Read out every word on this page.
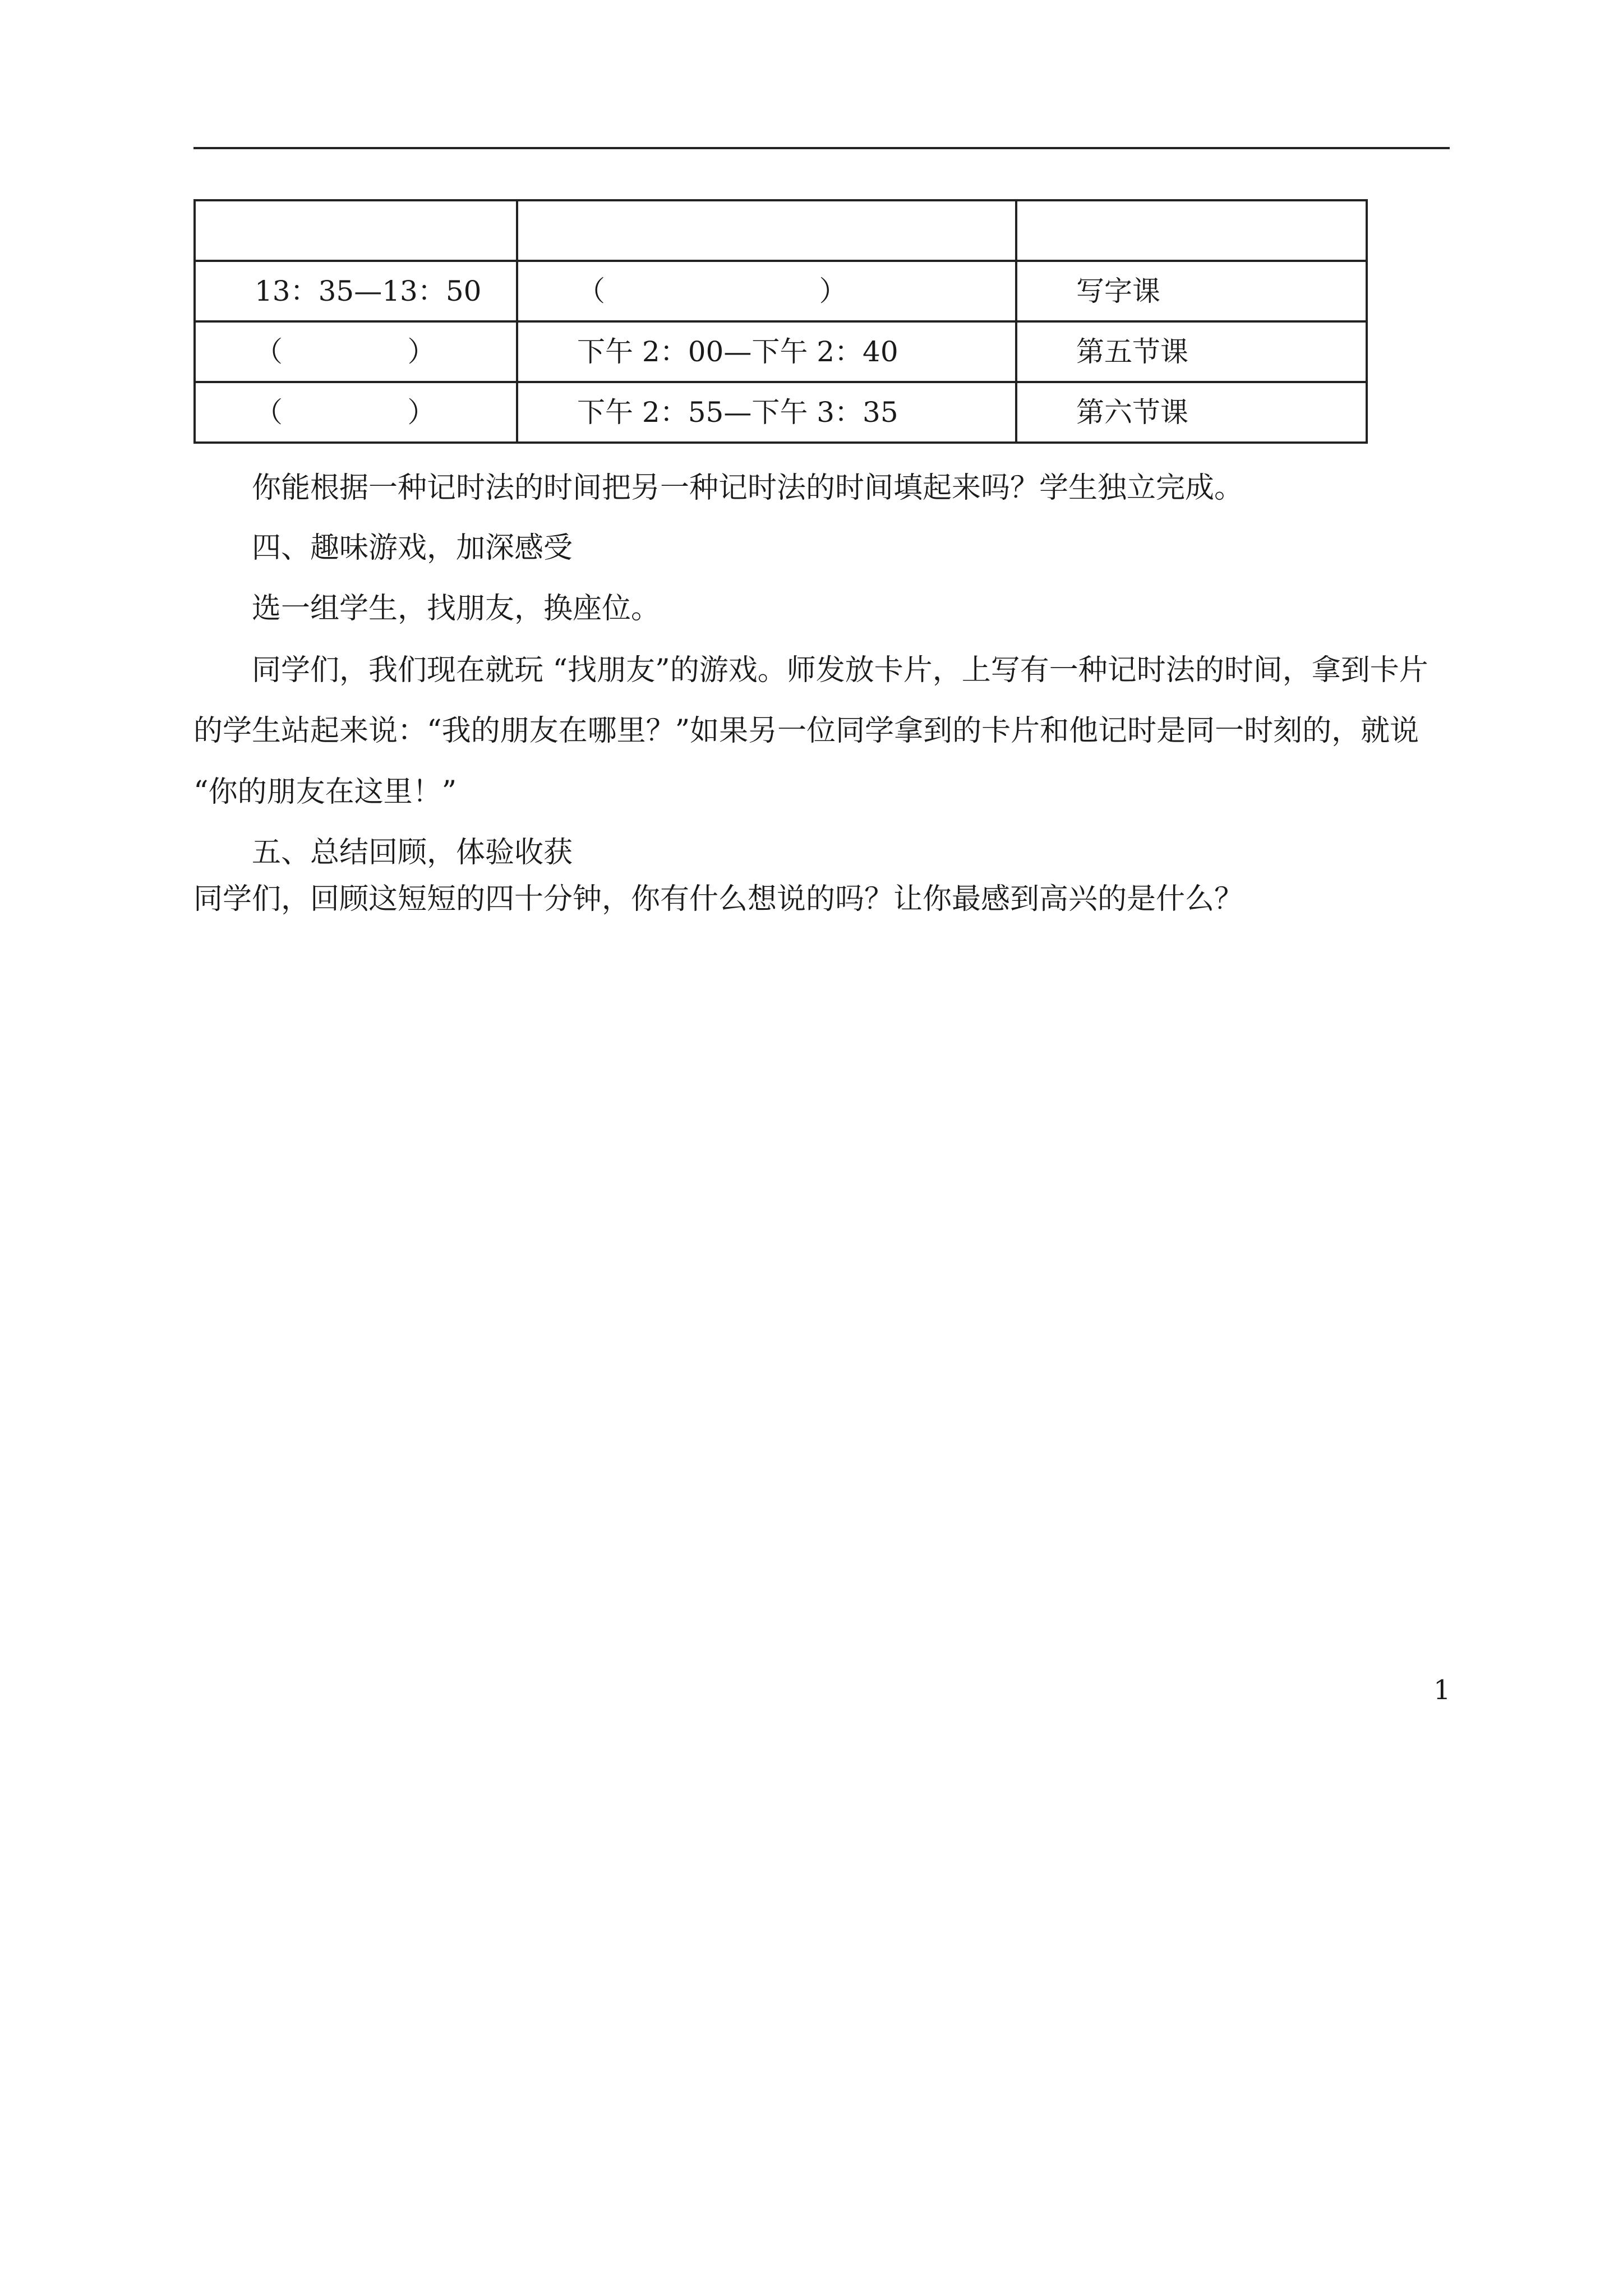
13：35—13：50	（                        ）	写字课
（              ）	下午 2：00—下午 2：40	第五节课
（              ）	下午 2：55—下午 3：35	第六节课

你能根据一种记时法的时间把另一种记时法的时间填起来吗？学生独立完成。

四、趣味游戏，加深感受

选一组学生，找朋友，换座位。

同学们，我们现在就玩 “找朋友”的游戏。师发放卡片，上写有一种记时法的时间，拿到卡片

的学生站起来说：“我的朋友在哪里？”如果另一位同学拿到的卡片和他记时是同一时刻的，就说

“你的朋友在这里！”

五、总结回顾，体验收获

同学们，回顾这短短的四十分钟，你有什么想说的吗？让你最感到高兴的是什么？

1
